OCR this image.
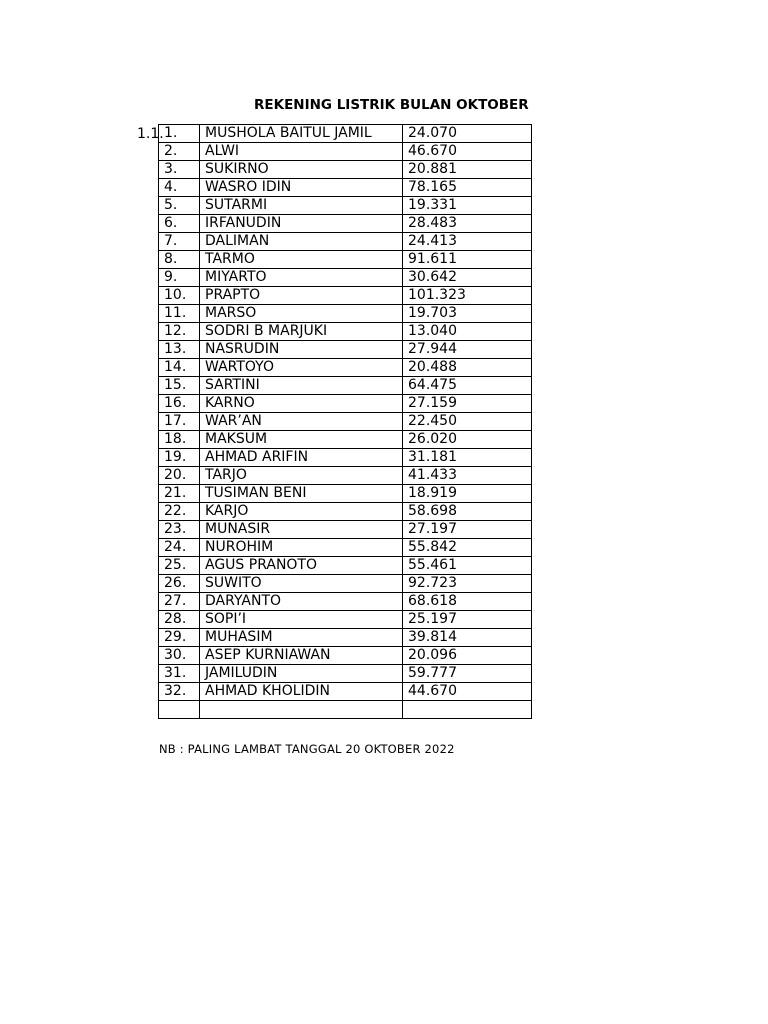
REKENING LISTRIK BULAN OKTOBER
1.1. 1.	MUSHOLA BAITUL JAMIL	24.070
2.	ALWI	46.670
3.	SUKIRNO	20.881
4.	WASRO IDIN	78.165
5.	SUTARMI	19.331
6.	IRFANUDIN	28.483
7.	DALIMAN	24.413
8.	TARMO	91.611
9.	MIYARTO	30.642
10.	PRAPTO	101.323
11.	MARSO	19.703
12.	SODRI B MARJUKI	13.040
13.	NASRUDIN	27.944
14.	WARTOYO	20.488
15.	SARTINI	64.475
16.	KARNO	27.159
17.	WAR’AN	22.450
18.	MAKSUM	26.020
19.	AHMAD ARIFIN	31.181
20.	TARJO	41.433
21.	TUSIMAN BENI	18.919
22.	KARJO	58.698
23.	MUNASIR	27.197
24.	NUROHIM	55.842
25.	AGUS PRANOTO	55.461
26.	SUWITO	92.723
27.	DARYANTO	68.618
28.	SOPI’I	25.197
29.	MUHASIM	39.814
30.	ASEP KURNIAWAN	20.096
31.	JAMILUDIN	59.777
32.	AHMAD KHOLIDIN	44.670

NB : PALING LAMBAT TANGGAL 20 OKTOBER 2022
